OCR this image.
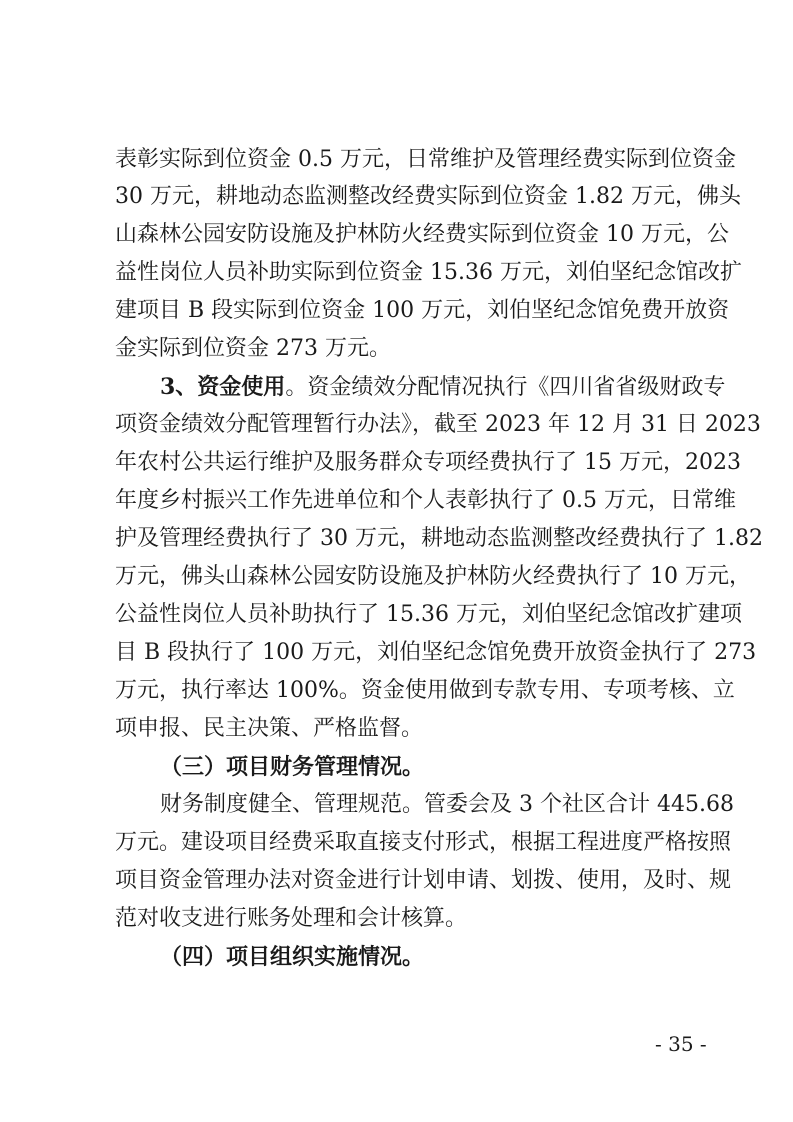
表彰实际到位资金 0.5 万元，日常维护及管理经费实际到位资金
30 万元，耕地动态监测整改经费实际到位资金 1.82 万元，佛头
山森林公园安防设施及护林防火经费实际到位资金 10 万元，公
益性岗位人员补助实际到位资金 15.36 万元，刘伯坚纪念馆改扩
建项目 B 段实际到位资金 100 万元，刘伯坚纪念馆免费开放资
金实际到位资金 273 万元。
3、资金使用。资金绩效分配情况执行《四川省省级财政专
项资金绩效分配管理暂行办法》，截至 2023 年 12 月 31 日 2023
年农村公共运行维护及服务群众专项经费执行了 15 万元，2023
年度乡村振兴工作先进单位和个人表彰执行了 0.5 万元，日常维
护及管理经费执行了 30 万元，耕地动态监测整改经费执行了 1.82
万元，佛头山森林公园安防设施及护林防火经费执行了 10 万元，
公益性岗位人员补助执行了 15.36 万元，刘伯坚纪念馆改扩建项
目 B 段执行了 100 万元，刘伯坚纪念馆免费开放资金执行了 273
万元，执行率达 100%。资金使用做到专款专用、专项考核、立
项申报、民主决策、严格监督。
（三）项目财务管理情况。
财务制度健全、管理规范。管委会及 3 个社区合计 445.68
万元。建设项目经费采取直接支付形式，根据工程进度严格按照
项目资金管理办法对资金进行计划申请、划拨、使用，及时、规
范对收支进行账务处理和会计核算。
（四）项目组织实施情况。
- 35 -
